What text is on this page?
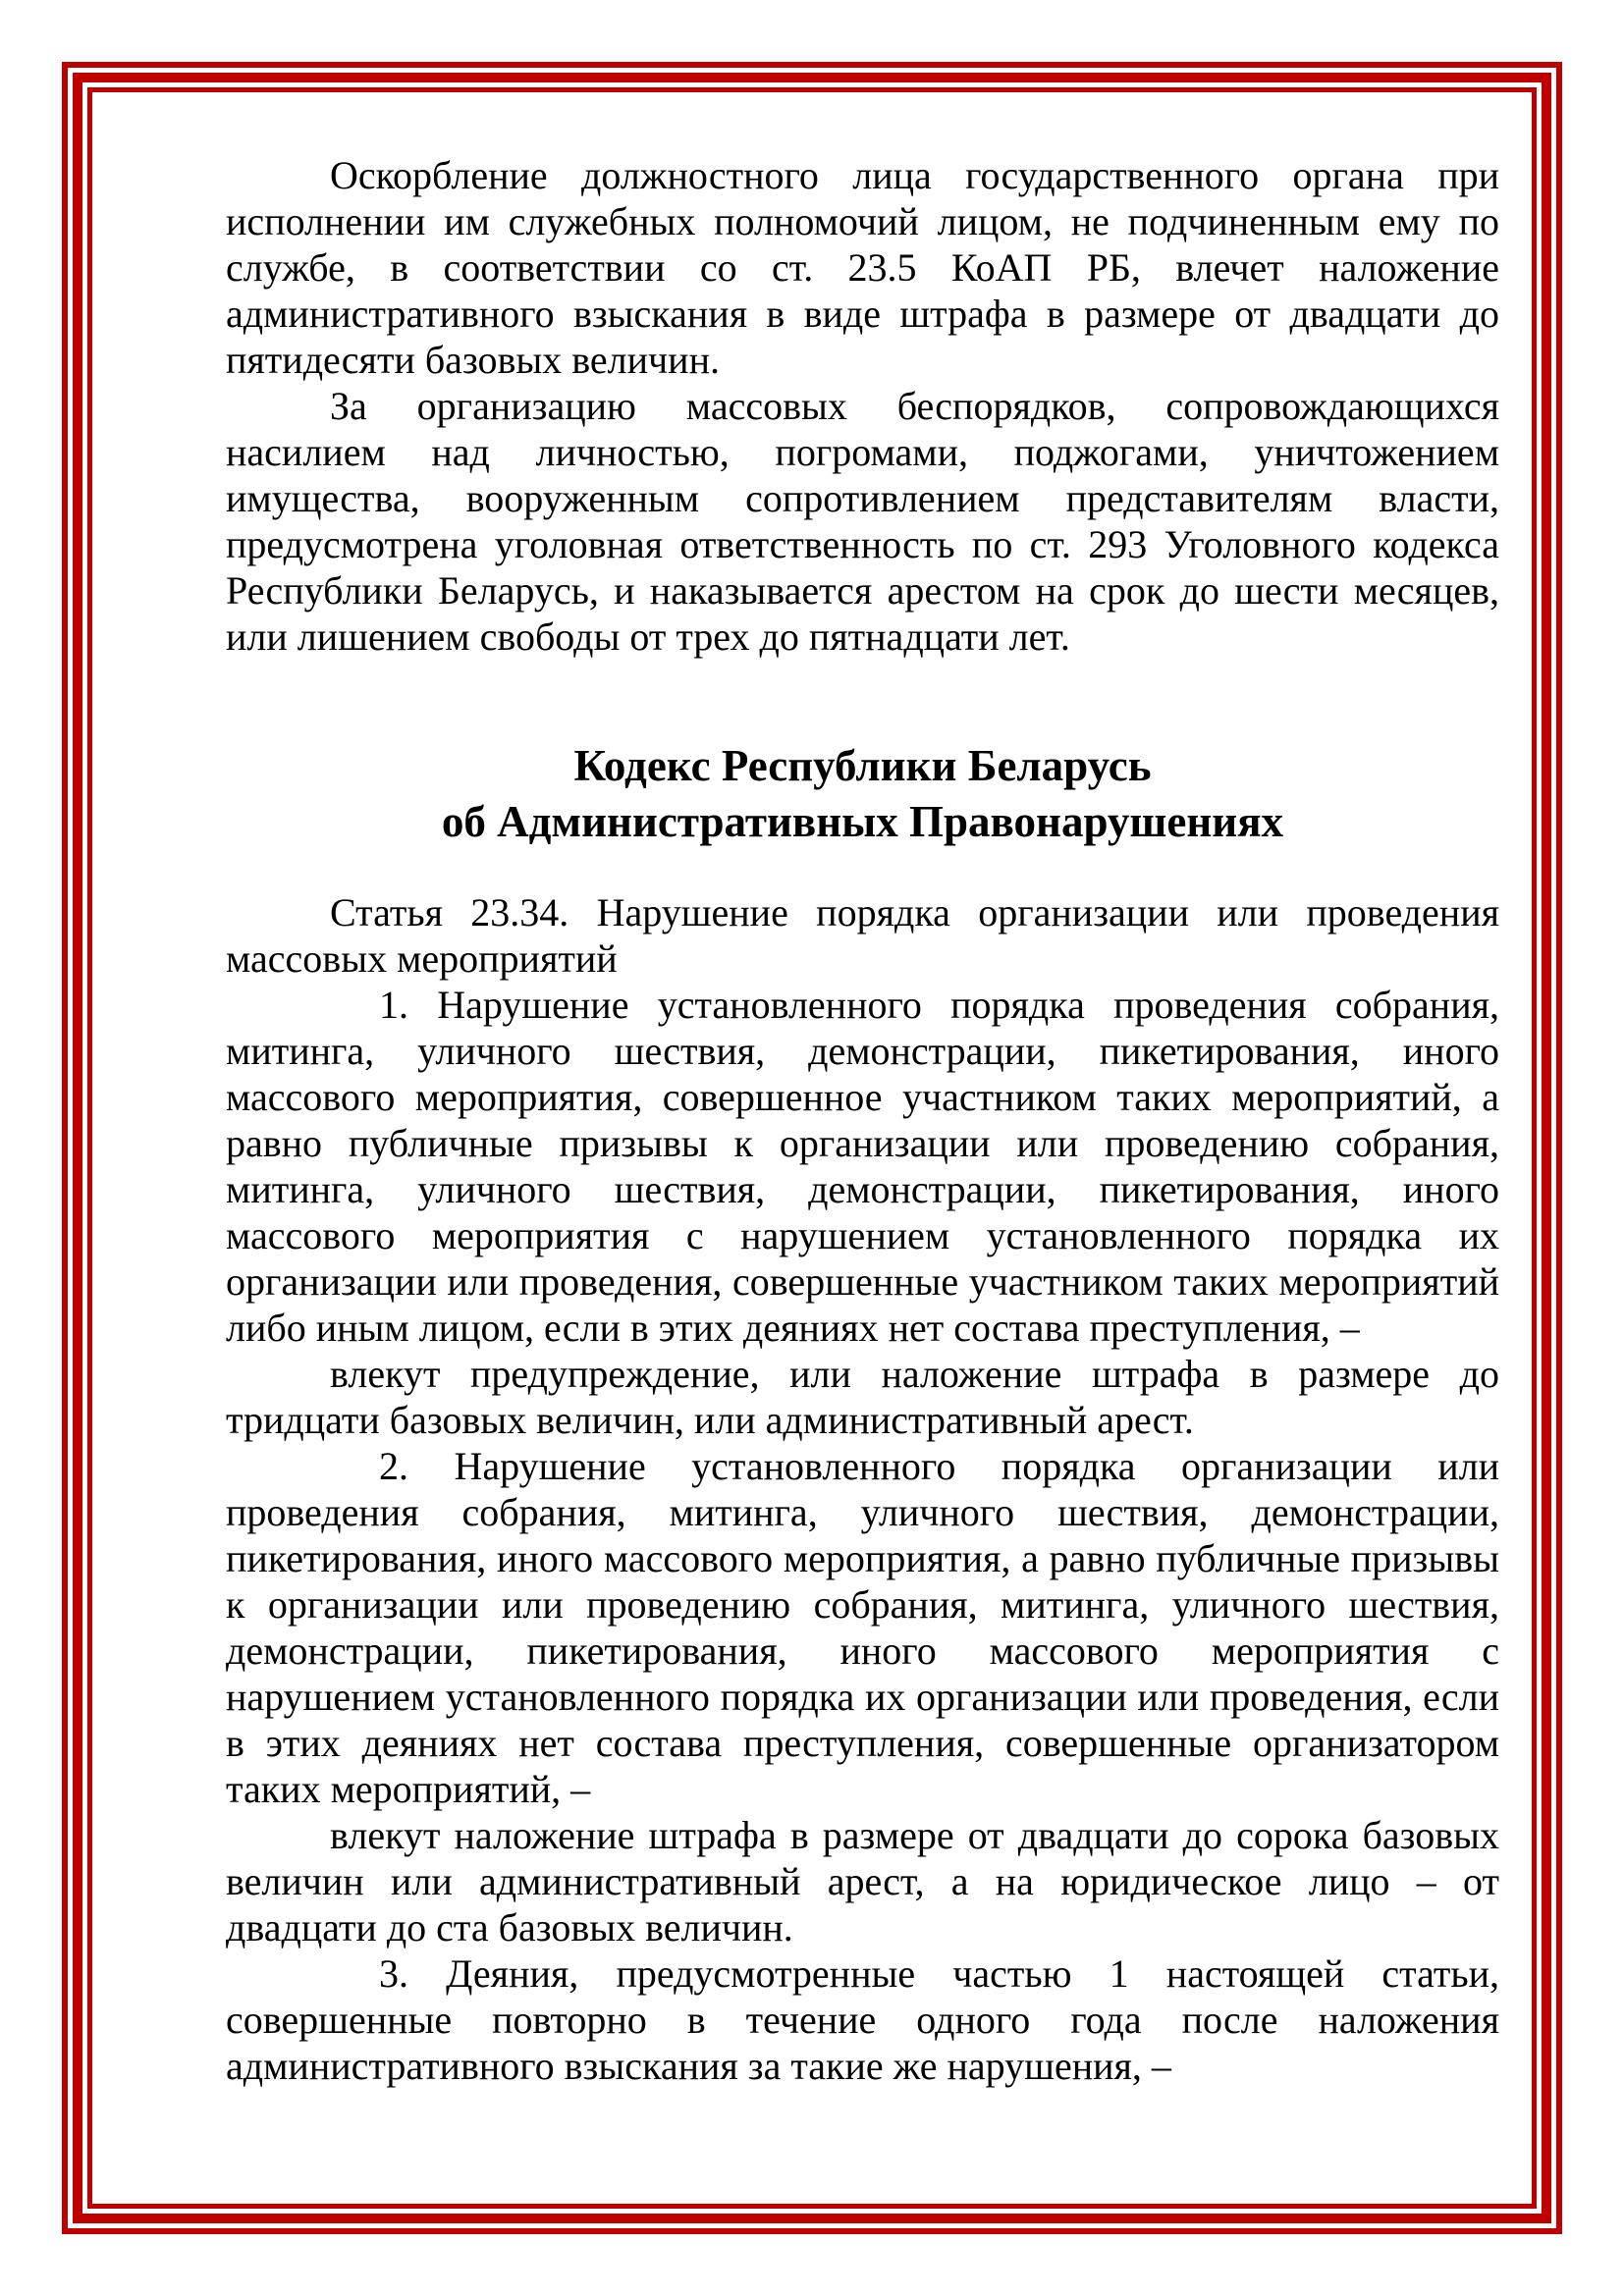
Оскорбление должностного лица государственного органа при исполнении им служебных полномочий лицом, не подчиненным ему по службе, в соответствии со ст. 23.5 КоАП РБ, влечет наложение административного взыскания в виде штрафа в размере от двадцати до пятидесяти базовых величин.

За организацию массовых беспорядков, сопровождающихся насилием над личностью, погромами, поджогами, уничтожением имущества, вооруженным сопротивлением представителям власти, предусмотрена уголовная ответственность по ст. 293 Уголовного кодекса Республики Беларусь, и наказывается арестом на срок до шести месяцев, или лишением свободы от трех до пятнадцати лет.

Кодекс Республики Беларусь
об Административных Правонарушениях

Статья 23.34. Нарушение порядка организации или проведения массовых мероприятий

1. Нарушение установленного порядка проведения собрания, митинга, уличного шествия, демонстрации, пикетирования, иного массового мероприятия, совершенное участником таких мероприятий, а равно публичные призывы к организации или проведению собрания, митинга, уличного шествия, демонстрации, пикетирования, иного массового мероприятия с нарушением установленного порядка их организации или проведения, совершенные участником таких мероприятий либо иным лицом, если в этих деяниях нет состава преступления, –

влекут предупреждение, или наложение штрафа в размере до тридцати базовых величин, или административный арест.

2. Нарушение установленного порядка организации или проведения собрания, митинга, уличного шествия, демонстрации, пикетирования, иного массового мероприятия, а равно публичные призывы к организации или проведению собрания, митинга, уличного шествия, демонстрации, пикетирования, иного массового мероприятия с нарушением установленного порядка их организации или проведения, если в этих деяниях нет состава преступления, совершенные организатором таких мероприятий, –

влекут наложение штрафа в размере от двадцати до сорока базовых величин или административный арест, а на юридическое лицо – от двадцати до ста базовых величин.

3. Деяния, предусмотренные частью 1 настоящей статьи, совершенные повторно в течение одного года после наложения административного взыскания за такие же нарушения, –
